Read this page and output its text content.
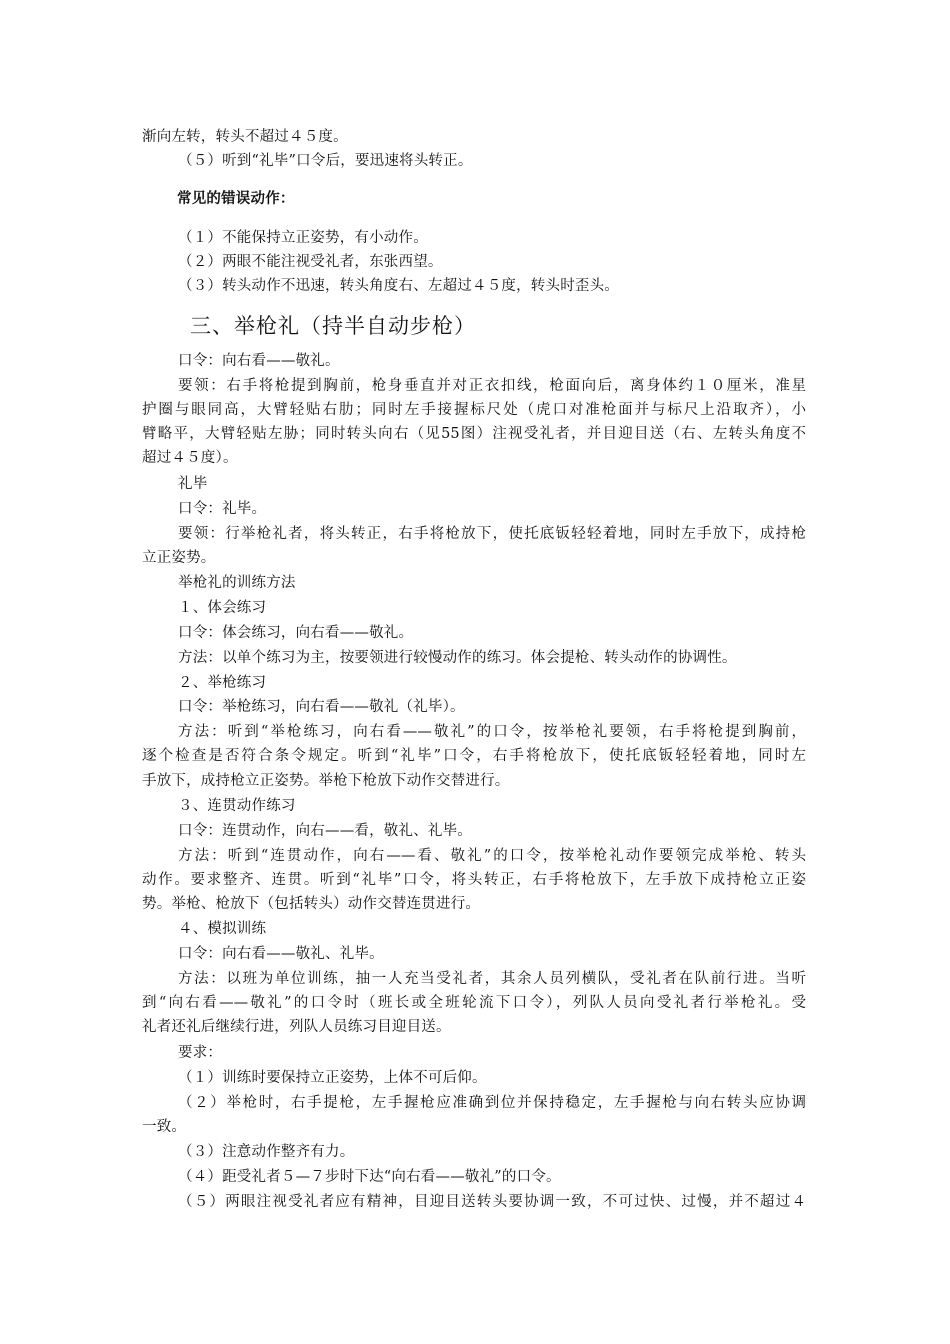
渐向左转，转头不超过４５度。
（５）听到“礼毕”口令后，要迅速将头转正。
常见的错误动作：
（１）不能保持立正姿势，有小动作。
（２）两眼不能注视受礼者，东张西望。
（３）转头动作不迅速，转头角度右、左超过４５度，转头时歪头。
三、举枪礼（持半自动步枪）
口令：向右看——敬礼。
要领：右手将枪提到胸前，枪身垂直并对正衣扣线，枪面向后，离身体约１０厘米，准星
护圈与眼同高，大臂轻贴右肋；同时左手接握标尺处（虎口对准枪面并与标尺上沿取齐），小
臂略平，大臂轻贴左胁；同时转头向右（见55图）注视受礼者，并目迎目送（右、左转头角度不
超过４５度）。
礼毕
口令：礼毕。
要领：行举枪礼者，将头转正，右手将枪放下，使托底钣轻轻着地，同时左手放下，成持枪
立正姿势。
举枪礼的训练方法
１、体会练习
口令：体会练习，向右看——敬礼。
方法：以单个练习为主，按要领进行较慢动作的练习。体会提枪、转头动作的协调性。
２、举枪练习
口令：举枪练习，向右看——敬礼（礼毕）。
方法：听到“举枪练习，向右看——敬礼”的口令，按举枪礼要领，右手将枪提到胸前，
逐个检查是否符合条令规定。听到“礼毕”口令，右手将枪放下，使托底钣轻轻着地，同时左
手放下，成持枪立正姿势。举枪下枪放下动作交替进行。
３、连贯动作练习
口令：连贯动作，向右——看，敬礼、礼毕。
方法：听到“连贯动作，向右——看、敬礼”的口令，按举枪礼动作要领完成举枪、转头
动作。要求整齐、连贯。听到“礼毕”口令，将头转正，右手将枪放下，左手放下成持枪立正姿
势。举枪、枪放下（包括转头）动作交替连贯进行。
４、模拟训练
口令：向右看——敬礼、礼毕。
方法：以班为单位训练，抽一人充当受礼者，其余人员列横队，受礼者在队前行进。当听
到“向右看——敬礼”的口令时（班长或全班轮流下口令），列队人员向受礼者行举枪礼。受
礼者还礼后继续行进，列队人员练习目迎目送。
要求：
（１）训练时要保持立正姿势，上体不可后仰。
（２）举枪时，右手提枪，左手握枪应准确到位并保持稳定，左手握枪与向右转头应协调
一致。
（３）注意动作整齐有力。
（４）距受礼者５—７步时下达“向右看——敬礼”的口令。
（５）两眼注视受礼者应有精神，目迎目送转头要协调一致，不可过快、过慢，并不超过４
